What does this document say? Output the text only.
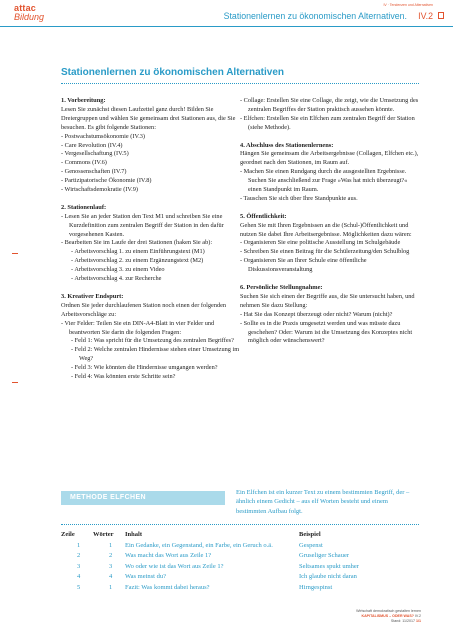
attac
Bildung
IV · Tendenzen und Alternativen
Stationenlernen zu ökonomischen Alternativen. IV.2
Stationenlernen zu ökonomischen Alternativen
1. Vorbereitung:

Lesen Sie zunächst diesen Laufzettel ganz durch! Bilden Sie Dreiergruppen und wählen Sie gemeinsam drei Stationen aus, die Sie besuchen. Es gibt folgende Stationen:

- Postwachstumsökonomie (IV.3)

- Care Revolution (IV.4)

- Vergesellschaftung (IV.5)

- Commons (IV.6)

- Genossenschaften (IV.7)

- Partizipatorische Ökonomie (IV.8)

- Wirtschaftsdemokratie (IV.9)

2. Stationenlauf:

- Lesen Sie an jeder Station den Text M1 und schreiben Sie eine Kurzdefinition zum zentralen Begriff der Station in den dafür vorgesehenen Kasten.

- Bearbeiten Sie im Laufe der drei Stationen (haken Sie ab):

- Arbeitsvorschlag 1. zu einem Einführungstext (M1)

- Arbeitsvorschlag 2. zu einem Ergänzungstext (M2)

- Arbeitsvorschlag 3. zu einem Video

- Arbeitsvorschlag 4. zur Recherche

3. Kreativer Endspurt:

Ordnen Sie jeder durchlaufenen Station noch einen der folgenden Arbeitsvorschläge zu:

- Vier Felder: Teilen Sie ein DIN-A4-Blatt in vier Felder und beantworten Sie darin die folgenden Fragen:

- Feld 1: Was spricht für die Umsetzung des zentralen Begriffes?

- Feld 2: Welche zentralen Hindernisse stehen einer Umsetzung im Weg?

- Feld 3: Wie könnten die Hindernisse umgangen werden?

- Feld 4: Was könnten erste Schritte sein?

- Collage: Erstellen Sie eine Collage, die zeigt, wie die Umsetzung des zentralen Begriffes der Station praktisch aussehen könnte.

- Elfchen: Erstellen Sie ein Elfchen zum zentralen Begriff der Station (siehe Methode).

4. Abschluss des Stationenlernens:

Hängen Sie gemeinsam die Arbeitsergebnisse (Collagen, Elfchen etc.), geordnet nach den Stationen, im Raum auf.

- Machen Sie einen Rundgang durch die ausgestellten Ergebnisse. Suchen Sie anschließend zur Frage »Was hat mich überzeugt?« einen Standpunkt im Raum.

- Tauschen Sie sich über Ihre Standpunkte aus.

5. Öffentlichkeit:

Gehen Sie mit Ihren Ergebnissen an die (Schul-)Öffentlichkeit und nutzen Sie dabei Ihre Arbeitsergebnisse. Möglichkeiten dazu wären:

- Organisieren Sie eine politische Ausstellung im Schulgebäude

- Schreiben Sie einen Beitrag für die Schülerzeitung/den Schulblog

- Organisieren Sie an Ihrer Schule eine öffentliche Diskussionsveranstaltung

6. Persönliche Stellungnahme:

Suchen Sie sich einen der Begriffe aus, die Sie untersucht haben, und nehmen Sie dazu Stellung:

- Hat Sie das Konzept überzeugt oder nicht? Warum (nicht)?

- Sollte es in die Praxis umgesetzt werden und was müsste dazu geschehen? Oder: Warum ist die Umsetzung des Konzeptes nicht möglich oder wünschenswert?

METHODE ELFCHEN
Ein Elfchen ist ein kurzer Text zu einem bestimmten Begriff, der – ähnlich einem Gedicht – aus elf Worten besteht und einem bestimmten Aufbau folgt.
Zeile	Wörter	Inhalt	Beispiel
1	1	Ein Gedanke, ein Gegenstand, ein Farbe, ein Geruch o.ä.	Gespenst
2	2	Was macht das Wort aus Zeile 1?	Gruseliger Schauer
3	3	Wo oder wie ist das Wort aus Zeile 1?	Seltsames spukt umher
4	4	Was meinst du?	Ich glaube nicht daran
5	1	Fazit: Was kommt dabei heraus?	Hirngespinst
Wirtschaft demokratisch gestalten lernen
KAPITALISMUS – ODER WAS? IV.2
Stand: 11/2017 1/1
